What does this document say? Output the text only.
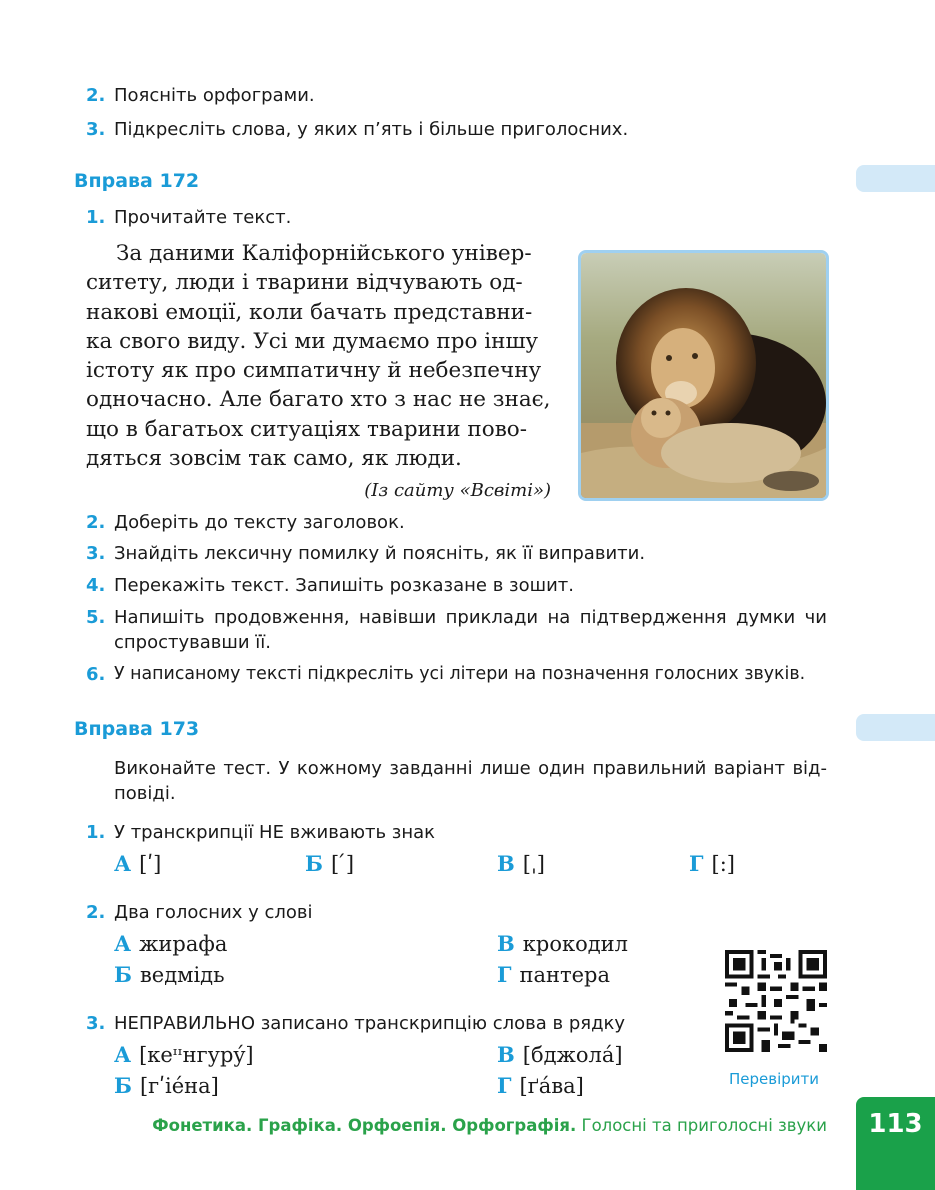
2. Поясніть орфограми.
3. Підкресліть слова, у яких п’ять і більше приголосних.
Вправа 172
1. Прочитайте текст.
За даними Каліфорнійського універ-
ситету, люди і тварини відчувають од-
накові емоції, коли бачать представни-
ка свого виду. Усі ми думаємо про іншу
істоту як про симпатичну й небезпечну
одночасно. Але багато хто з нас не знає,
що в багатьох ситуаціях тварини пово-
дяться зовсім так само, як люди.
(Із сайту «Всвіті»)
2. Доберіть до тексту заголовок.
3. Знайдіть лексичну помилку й поясніть, як її виправити.
4. Перекажіть текст. Запишіть розказане в зошит.
5. Напишіть продовження, навівши приклади на підтвердження думки чи
спростувавши її.
6. У написаному тексті підкресліть усі літери на позначення голосних звуків.
Вправа 173
Виконайте тест. У кожному завданні лише один правильний варіант від-
повіді.
1. У транскрипції НЕ вживають знак
А [ʹ]	Б [ ́]	В [ˌ]	Г [:]
2. Два голосних у слові
А жирафа	В крокодил
Б ведмідь	Г пантера
3. НЕПРАВИЛЬНО записано транскрипцію слова в рядку
А [кеᶦᶦнгурý]	В [бджолá]
Б [гʹіéна]	Г [ґáва]	Перевірити
Фонетика. Графіка. Орфоепія. Орфографія. Голосні та приголосні звуки	113
